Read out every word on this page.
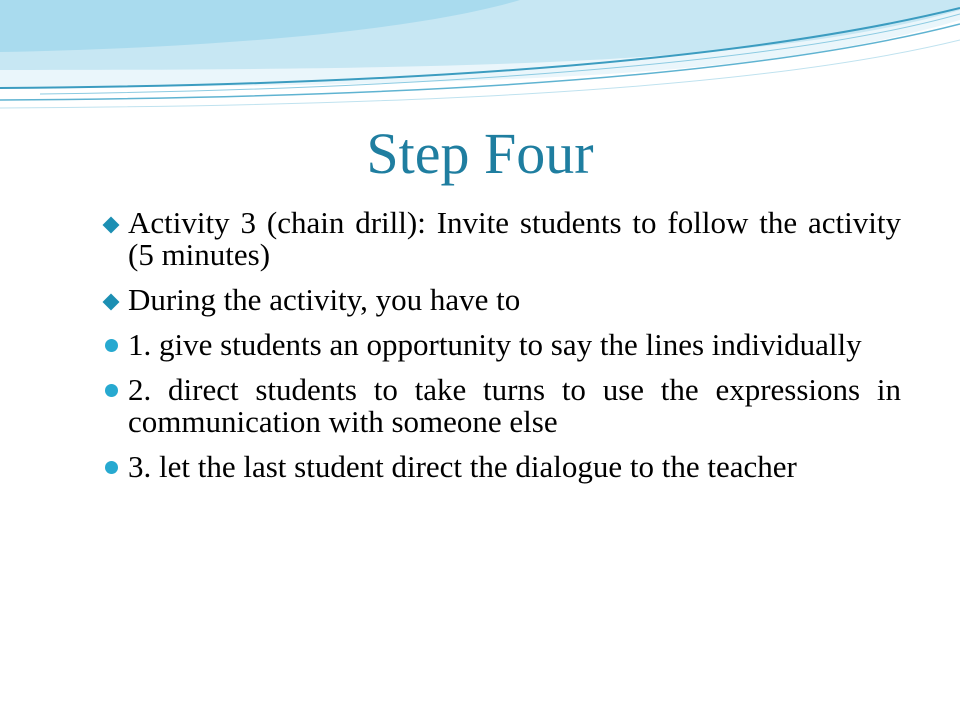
Step Four
Activity 3 (chain drill): Invite students to follow the activity (5 minutes)
During the activity, you have to
1. give students an opportunity to say the lines individually
2. direct students to take turns to use the expressions in communication with someone else
3. let the last student direct the dialogue to the teacher
